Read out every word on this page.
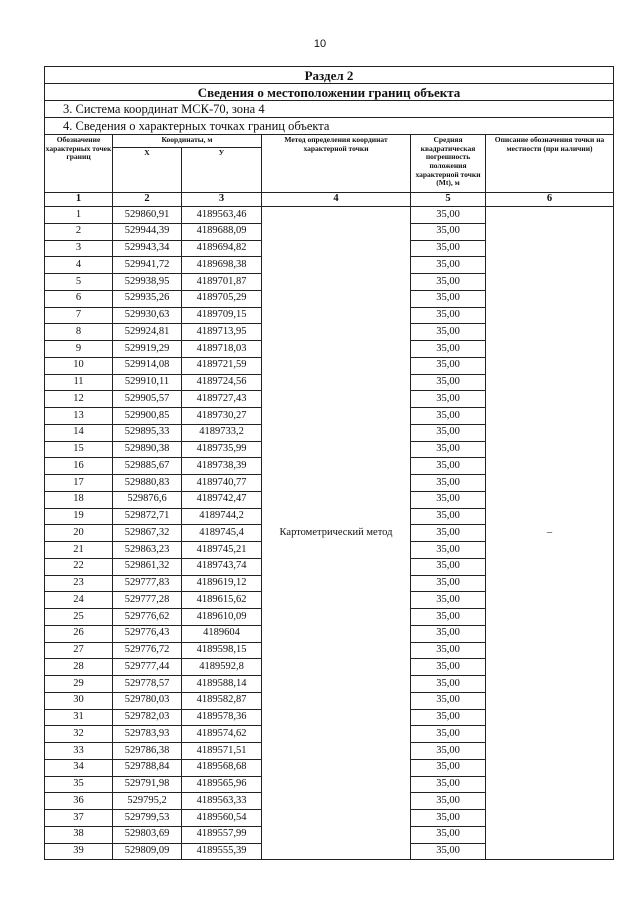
10
Раздел 2					
Сведения о местоположении границ объекта					
3. Система координат МСК-70, зона 4					
4. Сведения о характерных точках границ объекта					
Обозначение характерных точек границ	Координаты, м		Метод определения координат характерной точки	Средняя квадратическая погрешность положения характерной точки (Mt), м	Описание обозначения точки на местности (при наличии)
	X	У			
1	2	3	4	5	6
1	529860,91	4189563,46	Картометрический метод	35,00	–
2	529944,39	4189688,09		35,00	
3	529943,34	4189694,82		35,00	
4	529941,72	4189698,38		35,00	
5	529938,95	4189701,87		35,00	
6	529935,26	4189705,29		35,00	
7	529930,63	4189709,15		35,00	
8	529924,81	4189713,95		35,00	
9	529919,29	4189718,03		35,00	
10	529914,08	4189721,59		35,00	
11	529910,11	4189724,56		35,00	
12	529905,57	4189727,43		35,00	
13	529900,85	4189730,27		35,00	
14	529895,33	4189733,2		35,00	
15	529890,38	4189735,99		35,00	
16	529885,67	4189738,39		35,00	
17	529880,83	4189740,77		35,00	
18	529876,6	4189742,47		35,00	
19	529872,71	4189744,2		35,00	
20	529867,32	4189745,4		35,00	
21	529863,23	4189745,21		35,00	
22	529861,32	4189743,74		35,00	
23	529777,83	4189619,12		35,00	
24	529777,28	4189615,62		35,00	
25	529776,62	4189610,09		35,00	
26	529776,43	4189604		35,00	
27	529776,72	4189598,15		35,00	
28	529777,44	4189592,8		35,00	
29	529778,57	4189588,14		35,00	
30	529780,03	4189582,87		35,00	
31	529782,03	4189578,36		35,00	
32	529783,93	4189574,62		35,00	
33	529786,38	4189571,51		35,00	
34	529788,84	4189568,68		35,00	
35	529791,98	4189565,96		35,00	
36	529795,2	4189563,33		35,00	
37	529799,53	4189560,54		35,00	
38	529803,69	4189557,99		35,00	
39	529809,09	4189555,39		35,00	
